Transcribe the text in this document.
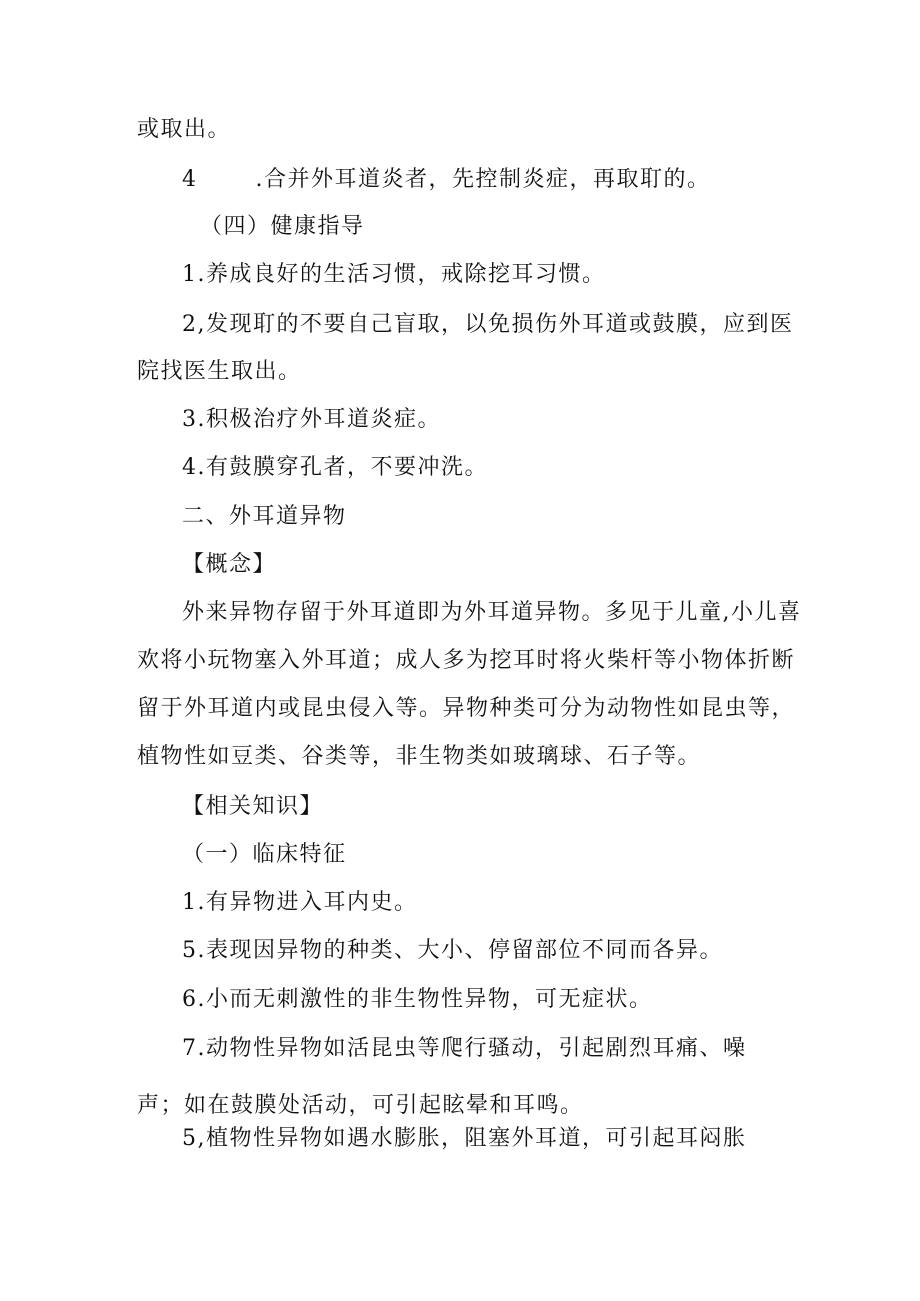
或取出。
4	.合并外耳道炎者，先控制炎症，再取耵的。
（四）健康指导
1.养成良好的生活习惯，戒除挖耳习惯。
2,发现耵的不要自己盲取，以免损伤外耳道或鼓膜，应到医
院找医生取出。
3.积极治疗外耳道炎症。
4.有鼓膜穿孔者，不要冲洗。
二、外耳道异物
【概念】
外来异物存留于外耳道即为外耳道异物。多见于儿童,小儿喜
欢将小玩物塞入外耳道；成人多为挖耳时将火柴杆等小物体折断
留于外耳道内或昆虫侵入等。异物种类可分为动物性如昆虫等，
植物性如豆类、谷类等，非生物类如玻璃球、石子等。
【相关知识】
（一）临床特征
1.有异物进入耳内史。
5.表现因异物的种类、大小、停留部位不同而各异。
6.小而无刺激性的非生物性异物，可无症状。
7.动物性异物如活昆虫等爬行骚动，引起剧烈耳痛、噪
声；如在鼓膜处活动，可引起眩晕和耳鸣。
5,植物性异物如遇水膨胀，阻塞外耳道，可引起耳闷胀
